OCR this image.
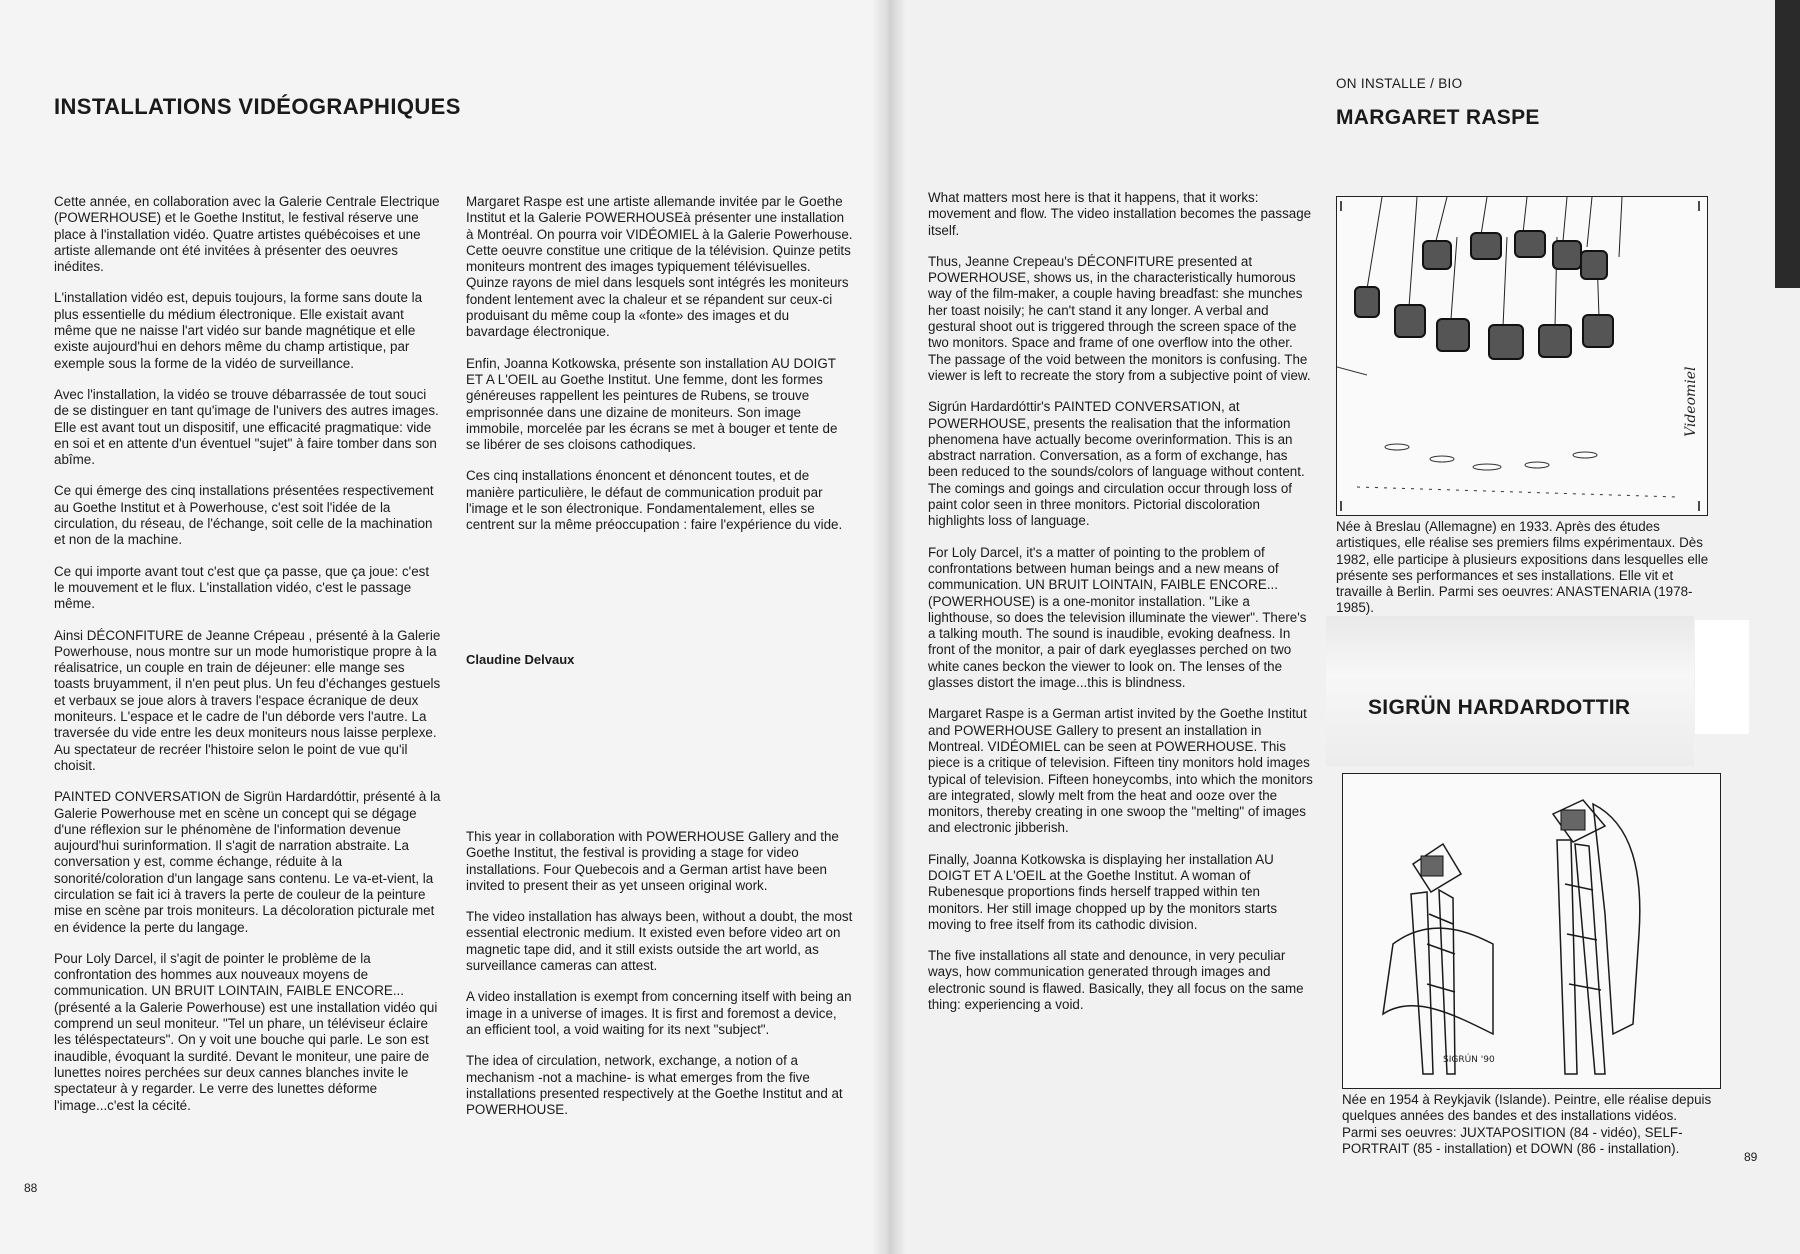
INSTALLATIONS VIDÉOGRAPHIQUES

Cette année, en collaboration avec la Galerie Centrale Electrique (POWERHOUSE) et le Goethe Institut, le festival réserve une place à l'installation vidéo. Quatre artistes québécoises et une artiste allemande ont été invitées à présenter des oeuvres inédites.

L'installation vidéo est, depuis toujours, la forme sans doute la plus essentielle du médium électronique. Elle existait avant même que ne naisse l'art vidéo sur bande magnétique et elle existe aujourd'hui en dehors même du champ artistique, par exemple sous la forme de la vidéo de surveillance.

Avec l'installation, la vidéo se trouve débarrassée de tout souci de se distinguer en tant qu'image de l'univers des autres images. Elle est avant tout un dispositif, une efficacité pragmatique: vide en soi et en attente d'un éventuel "sujet" à faire tomber dans son abîme.

Ce qui émerge des cinq installations présentées respectivement au Goethe Institut et à Powerhouse, c'est soit l'idée de la circulation, du réseau, de l'échange, soit celle de la machination et non de la machine.

Ce qui importe avant tout c'est que ça passe, que ça joue: c'est le mouvement et le flux. L'installation vidéo, c'est le passage même.

Ainsi DÉCONFITURE de Jeanne Crépeau , présenté à la Galerie Powerhouse, nous montre sur un mode humoristique propre à la réalisatrice, un couple en train de déjeuner: elle mange ses toasts bruyamment, il n'en peut plus. Un feu d'échanges gestuels et verbaux se joue alors à travers l'espace écranique de deux moniteurs. L'espace et le cadre de l'un déborde vers l'autre. La traversée du vide entre les deux moniteurs nous laisse perplexe. Au spectateur de recréer l'histoire selon le point de vue qu'il choisit.

PAINTED CONVERSATION de Sigrün Hardardóttir, présenté à la Galerie Powerhouse met en scène un concept qui se dégage d'une réflexion sur le phénomène de l'information devenue aujourd'hui surinformation. Il s'agit de narration abstraite. La conversation y est, comme échange, réduite à la sonorité/coloration d'un langage sans contenu. Le va-et-vient, la circulation se fait ici à travers la perte de couleur de la peinture mise en scène par trois moniteurs. La décoloration picturale met en évidence la perte du langage.

Pour Loly Darcel, il s'agit de pointer le problème de la confrontation des hommes aux nouveaux moyens de communication. UN BRUIT LOINTAIN, FAIBLE ENCORE...(présenté a la Galerie Powerhouse) est une installation vidéo qui comprend un seul moniteur. "Tel un phare, un téléviseur éclaire les téléspectateurs". On y voit une bouche qui parle. Le son est inaudible, évoquant la surdité. Devant le moniteur, une paire de lunettes noires perchées sur deux cannes blanches invite le spectateur à y regarder. Le verre des lunettes déforme l'image...c'est la cécité.

Margaret Raspe est une artiste allemande invitée par le Goethe Institut et la Galerie POWERHOUSEà présenter une installation à Montréal. On pourra voir VIDÉOMIEL à la Galerie Powerhouse. Cette oeuvre constitue une critique de la télévision. Quinze petits moniteurs montrent des images typiquement télévisuelles. Quinze rayons de miel dans lesquels sont intégrés les moniteurs fondent lentement avec la chaleur et se répandent sur ceux-ci produisant du même coup la «fonte» des images et du bavardage électronique.

Enfin, Joanna Kotkowska, présente son installation AU DOIGT ET A L'OEIL au Goethe Institut. Une femme, dont les formes généreuses rappellent les peintures de Rubens, se trouve emprisonnée dans une dizaine de moniteurs. Son image immobile, morcelée par les écrans se met à bouger et tente de se libérer de ses cloisons cathodiques.

Ces cinq installations énoncent et dénoncent toutes, et de manière particulière, le défaut de communication produit par l'image et le son électronique. Fondamentalement, elles se centrent sur la même préoccupation : faire l'expérience du vide.

Claudine Delvaux

This year in collaboration with POWERHOUSE Gallery and the Goethe Institut, the festival is providing a stage for video installations. Four Quebecois and a German artist have been invited to present their as yet unseen original work.

The video installation has always been, without a doubt, the most essential electronic medium. It existed even before video art on magnetic tape did, and it still exists outside the art world, as surveillance cameras can attest.

A video installation is exempt from concerning itself with being an image in a universe of images. It is first and foremost a device, an efficient tool, a void waiting for its next "subject".

The idea of circulation, network, exchange, a notion of a mechanism -not a machine- is what emerges from the five installations presented respectively at the Goethe Institut and at POWERHOUSE.

88

What matters most here is that it happens, that it works: movement and flow. The video installation becomes the passage itself.

Thus, Jeanne Crepeau's DÉCONFITURE presented at POWERHOUSE, shows us, in the characteristically humorous way of the film-maker, a couple having breadfast: she munches her toast noisily; he can't stand it any longer. A verbal and gestural shoot out is triggered through the screen space of the two monitors. Space and frame of one overflow into the other. The passage of the void between the monitors is confusing. The viewer is left to recreate the story from a subjective point of view.

Sigrún Hardardóttir's PAINTED CONVERSATION, at POWERHOUSE, presents the realisation that the information phenomena have actually become overinformation. This is an abstract narration. Conversation, as a form of exchange, has been reduced to the sounds/colors of language without content. The comings and goings and circulation occur through loss of paint color seen in three monitors. Pictorial discoloration highlights loss of language.

For Loly Darcel, it's a matter of pointing to the problem of confrontations between human beings and a new means of communication. UN BRUIT LOINTAIN, FAIBLE ENCORE... (POWERHOUSE) is a one-monitor installation. "Like a lighthouse, so does the television illuminate the viewer". There's a talking mouth. The sound is inaudible, evoking deafness. In front of the monitor, a pair of dark eyeglasses perched on two white canes beckon the viewer to look on. The lenses of the glasses distort the image...this is blindness.

Margaret Raspe is a German artist invited by the Goethe Institut and POWERHOUSE Gallery to present an installation in Montreal. VIDÉOMIEL can be seen at POWERHOUSE. This piece is a critique of television. Fifteen tiny monitors hold images typical of television. Fifteen honeycombs, into which the monitors are integrated, slowly melt from the heat and ooze over the monitors, thereby creating in one swoop the "melting" of images and electronic jibberish.

Finally, Joanna Kotkowska is displaying her installation AU DOIGT ET A L'OEIL at the Goethe Institut. A woman of Rubenesque proportions finds herself trapped within ten monitors. Her still image chopped up by the monitors starts moving to free itself from its cathodic division.

The five installations all state and denounce, in very peculiar ways, how communication generated through images and electronic sound is flawed. Basically, they all focus on the same thing: experiencing a void.

ON INSTALLE / BIO
MARGARET RASPE
Videomiel

Née à Breslau (Allemagne) en 1933. Après des études artistiques, elle réalise ses premiers films expérimentaux. Dès 1982, elle participe à plusieurs expositions dans lesquelles elle présente ses performances et ses installations. Elle vit et travaille à Berlin. Parmi ses oeuvres: ANASTENARIA (1978-1985).

SIGRÜN HARDARDOTTIR
SIGRÚN '90

Née en 1954 à Reykjavik (Islande). Peintre, elle réalise depuis quelques années des bandes et des installations vidéos. Parmi ses oeuvres: JUXTAPOSITION (84 - vidéo), SELF-PORTRAIT (85 - installation) et DOWN (86 - installation).

89
